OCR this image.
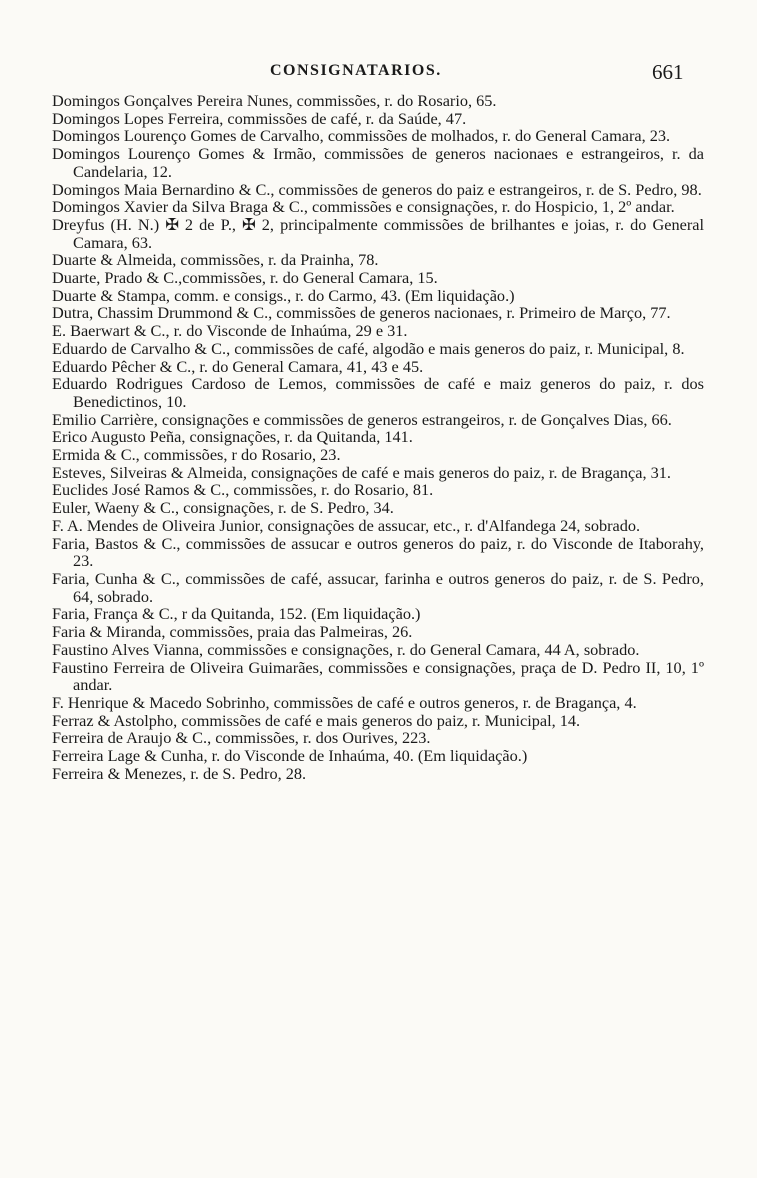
CONSIGNATARIOS.	661

Domingos Gonçalves Pereira Nunes, commissões, r. do Rosario, 65.

Domingos Lopes Ferreira, commissões de café, r. da Saúde, 47.

Domingos Lourenço Gomes de Carvalho, commissões de molhados, r. do General Camara, 23.

Domingos Lourenço Gomes & Irmão, commissões de generos nacionaes e estrangeiros, r. da Candelaria, 12.

Domingos Maia Bernardino & C., commissões de generos do paiz e estrangeiros, r. de S. Pedro, 98.

Domingos Xavier da Silva Braga & C., commissões e consignações, r. do Hospicio, 1, 2º andar.

Dreyfus (H. N.) ✠ 2 de P., ✠ 2, principalmente commissões de brilhantes e joias, r. do General Camara, 63.

Duarte & Almeida, commissões, r. da Prainha, 78.

Duarte, Prado & C.,commissões, r. do General Camara, 15.

Duarte & Stampa, comm. e consigs., r. do Carmo, 43. (Em liquidação.)

Dutra, Chassim Drummond & C., commissões de generos nacionaes, r. Primeiro de Março, 77.

E. Baerwart & C., r. do Visconde de Inhaúma, 29 e 31.

Eduardo de Carvalho & C., commissões de café, algodão e mais generos do paiz, r. Municipal, 8.

Eduardo Pêcher & C., r. do General Camara, 41, 43 e 45.

Eduardo Rodrigues Cardoso de Lemos, commissões de café e maiz generos do paiz, r. dos Benedictinos, 10.

Emilio Carrière, consignações e commissões de generos estrangeiros, r. de Gonçalves Dias, 66.

Erico Augusto Peña, consignações, r. da Quitanda, 141.

Ermida & C., commissões, r do Rosario, 23.

Esteves, Silveiras & Almeida, consignações de café e mais generos do paiz, r. de Bragança, 31.

Euclides José Ramos & C., commissões, r. do Rosario, 81.

Euler, Waeny & C., consignações, r. de S. Pedro, 34.

F. A. Mendes de Oliveira Junior, consignações de assucar, etc., r. d'Alfandega 24, sobrado.

Faria, Bastos & C., commissões de assucar e outros generos do paiz, r. do Visconde de Itaborahy, 23.

Faria, Cunha & C., commissões de café, assucar, farinha e outros generos do paiz, r. de S. Pedro, 64, sobrado.

Faria, França & C., r da Quitanda, 152. (Em liquidação.)

Faria & Miranda, commissões, praia das Palmeiras, 26.

Faustino Alves Vianna, commissões e consignações, r. do General Camara, 44 A, sobrado.

Faustino Ferreira de Oliveira Guimarães, commissões e consignações, praça de D. Pedro II, 10, 1º andar.

F. Henrique & Macedo Sobrinho, commissões de café e outros generos, r. de Bragança, 4.

Ferraz & Astolpho, commissões de café e mais generos do paiz, r. Municipal, 14.

Ferreira de Araujo & C., commissões, r. dos Ourives, 223.

Ferreira Lage & Cunha, r. do Visconde de Inhaúma, 40. (Em liquidação.)

Ferreira & Menezes, r. de S. Pedro, 28.
